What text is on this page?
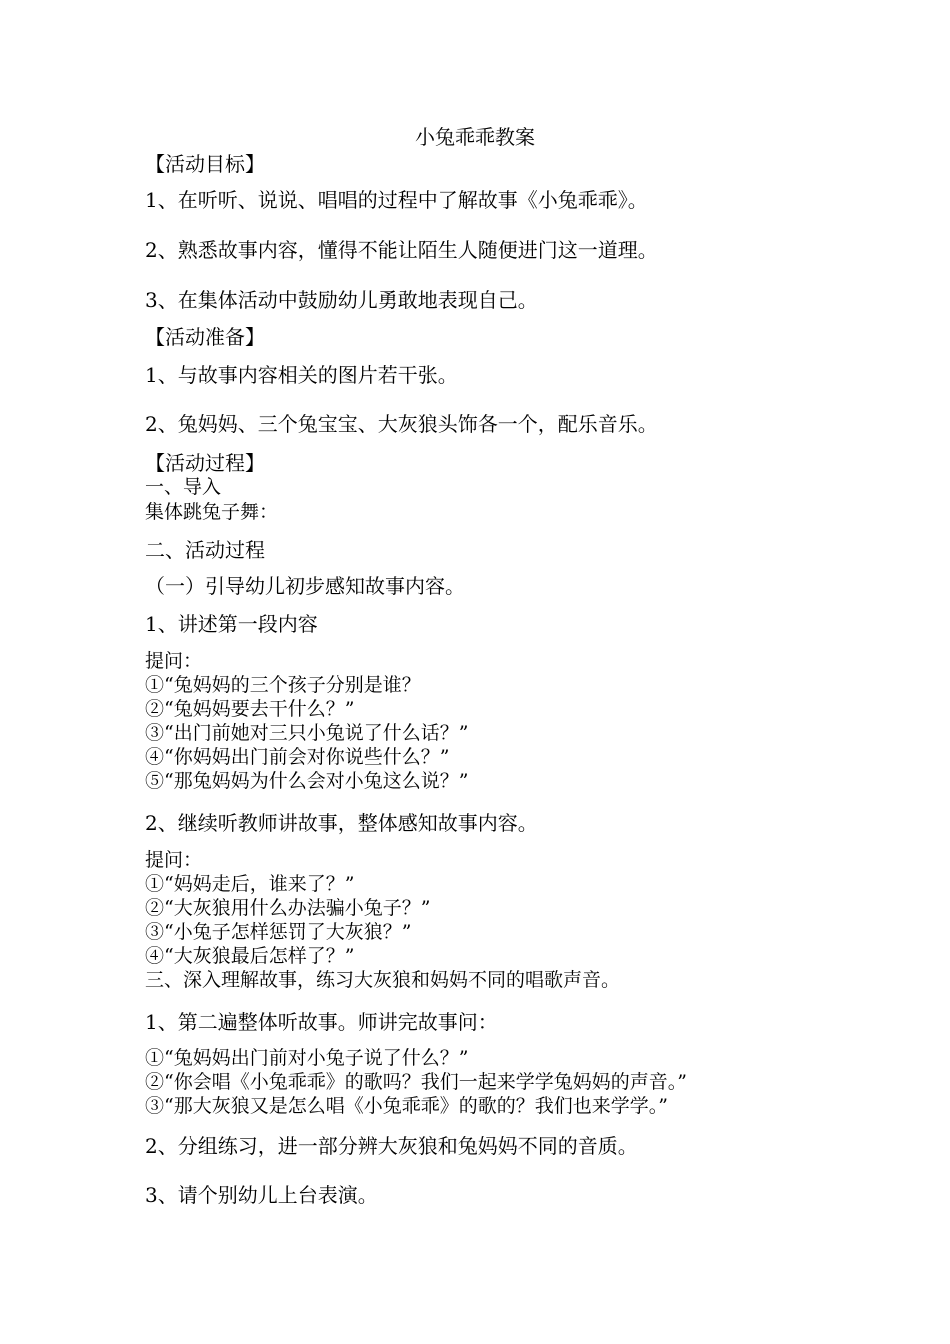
小兔乖乖教案
【活动目标】
1、在听听、说说、唱唱的过程中了解故事《小兔乖乖》。
2、熟悉故事内容，懂得不能让陌生人随便进门这一道理。
3、在集体活动中鼓励幼儿勇敢地表现自己。
【活动准备】
1、与故事内容相关的图片若干张。
2、兔妈妈、三个兔宝宝、大灰狼头饰各一个，配乐音乐。
【活动过程】
一、导入
集体跳兔子舞：
二、活动过程
（一）引导幼儿初步感知故事内容。
1、讲述第一段内容
提问：
①“兔妈妈的三个孩子分别是谁？
②“兔妈妈要去干什么？”
③“出门前她对三只小兔说了什么话？”
④“你妈妈出门前会对你说些什么？”
⑤“那兔妈妈为什么会对小兔这么说？”
2、继续听教师讲故事，整体感知故事内容。
提问：
①“妈妈走后，谁来了？”
②“大灰狼用什么办法骗小兔子？”
③“小兔子怎样惩罚了大灰狼？”
④“大灰狼最后怎样了？”
三、深入理解故事，练习大灰狼和妈妈不同的唱歌声音。
1、第二遍整体听故事。师讲完故事问：
①“兔妈妈出门前对小兔子说了什么？”
②“你会唱《小兔乖乖》的歌吗？我们一起来学学兔妈妈的声音。”
③“那大灰狼又是怎么唱《小兔乖乖》的歌的？我们也来学学。”
2、分组练习，进一部分辨大灰狼和兔妈妈不同的音质。
3、请个别幼儿上台表演。
